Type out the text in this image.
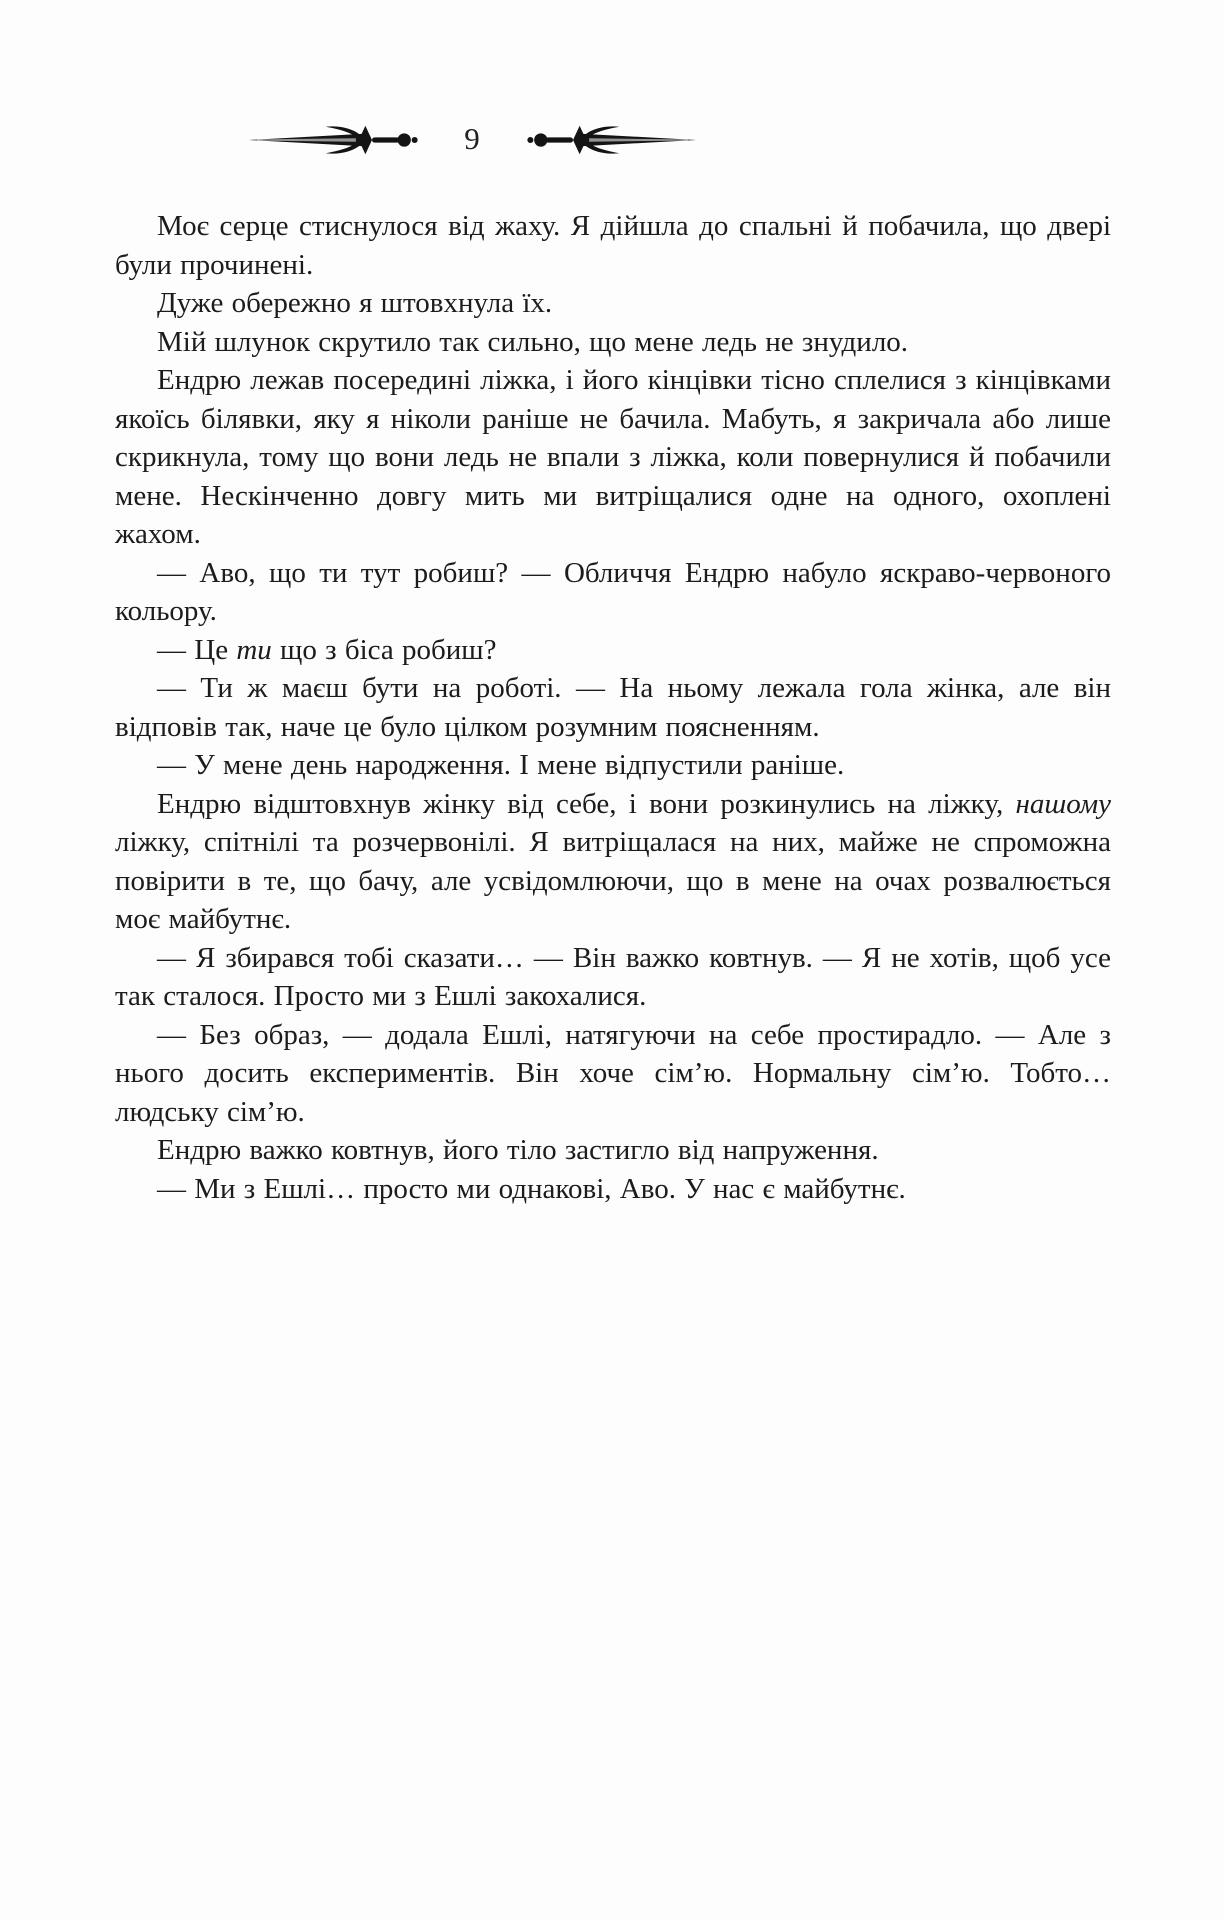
9

Моє серце стиснулося від жаху. Я дійшла до спальні й побачила, що двері були прочинені.

Дуже обережно я штовхнула їх.

Мій шлунок скрутило так сильно, що мене ледь не знудило.

Ендрю лежав посередині ліжка, і його кінцівки тісно сплелися з кінцівками якоїсь білявки, яку я ніколи раніше не бачила. Мабуть, я закричала або лише скрикнула, тому що вони ледь не впали з ліжка, коли повернулися й побачили мене. Нескінченно довгу мить ми витріщалися одне на одного, охоплені жахом.

— Аво, що ти тут робиш? — Обличчя Ендрю набуло яскраво-червоного кольору.

— Це ти що з біса робиш?

— Ти ж маєш бути на роботі. — На ньому лежала гола жінка, але він відповів так, наче це було цілком розумним поясненням.

— У мене день народження. І мене відпустили раніше.

Ендрю відштовхнув жінку від себе, і вони розкинулись на ліжку, нашому ліжку, спітнілі та розчервонілі. Я витріщалася на них, майже не спроможна повірити в те, що бачу, але усвідомлюючи, що в мене на очах розвалюється моє майбутнє.

— Я збирався тобі сказати… — Він важко ковтнув. — Я не хотів, щоб усе так сталося. Просто ми з Ешлі закохалися.

— Без образ, — додала Ешлі, натягуючи на себе простирадло. — Але з нього досить експериментів. Він хоче сім’ю. Нормальну сім’ю. Тобто… людську сім’ю.

Ендрю важко ковтнув, його тіло застигло від напруження.

— Ми з Ешлі… просто ми однакові, Аво. У нас є майбутнє.
